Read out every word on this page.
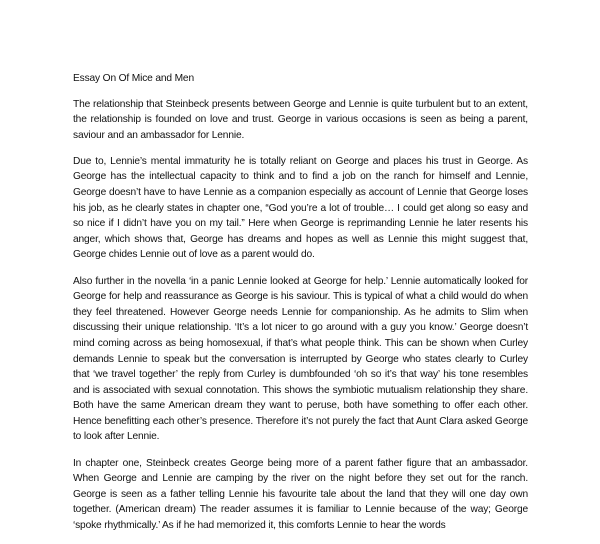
Essay On Of Mice and Men

The relationship that Steinbeck presents between George and Lennie is quite turbulent but to an extent, the relationship is founded on love and trust. George in various occasions is seen as being a parent, saviour and an ambassador for Lennie.

Due to, Lennie’s mental immaturity he is totally reliant on George and places his trust in George. As George has the intellectual capacity to think and to find a job on the ranch for himself and Lennie, George doesn’t have to have Lennie as a companion especially as account of Lennie that George loses his job, as he clearly states in chapter one, “God you’re a lot of trouble… I could get along so easy and so nice if I didn’t have you on my tail.” Here when George is reprimanding Lennie he later resents his anger, which shows that, George has dreams and hopes as well as Lennie this might suggest that, George chides Lennie out of love as a parent would do.

Also further in the novella ‘in a panic Lennie looked at George for help.’ Lennie automatically looked for George for help and reassurance as George is his saviour. This is typical of what a child would do when they feel threatened. However George needs Lennie for companionship. As he admits to Slim when discussing their unique relationship. ‘It’s a lot nicer to go around with a guy you know.’ George doesn’t mind coming across as being homosexual, if that’s what people think. This can be shown when Curley demands Lennie to speak but the conversation is interrupted by George who states clearly to Curley that ‘we travel together’ the reply from Curley is dumbfounded ‘oh so it’s that way’ his tone resembles and is associated with sexual connotation. This shows the symbiotic mutualism relationship they share. Both have the same American dream they want to peruse, both have something to offer each other. Hence benefitting each other’s presence. Therefore it’s not purely the fact that Aunt Clara asked George to look after Lennie.

In chapter one, Steinbeck creates George being more of a parent father figure that an ambassador. When George and Lennie are camping by the river on the night before they set out for the ranch. George is seen as a father telling Lennie his favourite tale about the land that they will one day own together. (American dream) The reader assumes it is familiar to Lennie because of the way; George ‘spoke rhythmically.’ As if he had memorized it, this comforts Lennie to hear the words
